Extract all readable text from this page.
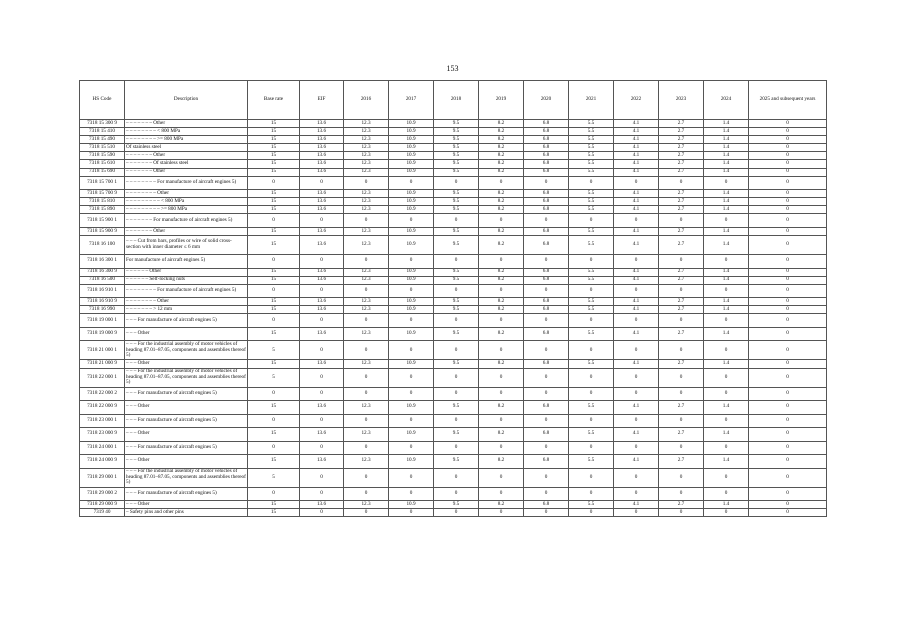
153
HS Code	Description	Base rate	EIF	2016	2017	2018	2019	2020	2021	2022	2023	2024	2025 and subsequent years
7318 15 300 9	– – – – – – – Other	15	13.6	12.3	10.9	9.5	8.2	6.8	5.5	4.1	2.7	1.4	0
7318 15 410	– – – – – – – – < 800 MPa	15	13.6	12.3	10.9	9.5	8.2	6.8	5.5	4.1	2.7	1.4	0
7318 15 490	– – – – – – – – >= 800 MPa	15	13.6	12.3	10.9	9.5	8.2	6.8	5.5	4.1	2.7	1.4	0
7318 15 510	Of stainless steel	15	13.6	12.3	10.9	9.5	8.2	6.8	5.5	4.1	2.7	1.4	0
7318 15 590	– – – – – – – Other	15	13.6	12.3	10.9	9.5	8.2	6.8	5.5	4.1	2.7	1.4	0
7318 15 610	– – – – – – – Of stainless steel	15	13.6	12.3	10.9	9.5	8.2	6.8	5.5	4.1	2.7	1.4	0
7318 15 690	– – – – – – – Other	15	13.6	12.3	10.9	9.5	8.2	6.8	5.5	4.1	2.7	1.4	0
7318 15 700 1	– – – – – – – – For manufacture of aircraft engines 5)	0	0	0	0	0	0	0	0	0	0	0	0
7318 15 700 9	– – – – – – – – Other	15	13.6	12.3	10.9	9.5	8.2	6.8	5.5	4.1	2.7	1.4	0
7318 15 810	– – – – – – – – – < 800 MPa	15	13.6	12.3	10.9	9.5	8.2	6.8	5.5	4.1	2.7	1.4	0
7318 15 890	– – – – – – – – – >= 800 MPa	15	13.6	12.3	10.9	9.5	8.2	6.8	5.5	4.1	2.7	1.4	0
7318 15 900 1	– – – – – – – For manufacture of aircraft engines 5)	0	0	0	0	0	0	0	0	0	0	0	0
7318 15 900 9	– – – – – – – Other	15	13.6	12.3	10.9	9.5	8.2	6.8	5.5	4.1	2.7	1.4	0
7318 16 100	– – – Cut from bars, profiles or wire of solid cross-section with inner diameter ≤ 6 mm	15	13.6	12.3	10.9	9.5	8.2	6.8	5.5	4.1	2.7	1.4	0
7318 16 300 1	For manufacture of aircraft engines 5)	0	0	0	0	0	0	0	0	0	0	0	0
7318 16 300 9	– – – – – – Other	15	13.6	12.3	10.9	9.5	8.2	6.8	5.5	4.1	2.7	1.4	0
7318 16 500	– – – – – – Self-locking nuts	15	13.6	12.3	10.9	9.5	8.2	6.8	5.5	4.1	2.7	1.4	0
7318 16 910 1	– – – – – – – – For manufacture of aircraft engines 5)	0	0	0	0	0	0	0	0	0	0	0	0
7318 16 910 9	– – – – – – – – Other	15	13.6	12.3	10.9	9.5	8.2	6.8	5.5	4.1	2.7	1.4	0
7318 16 990	– – – – – – – > 12 mm	15	13.6	12.3	10.9	9.5	8.2	6.8	5.5	4.1	2.7	1.4	0
7318 19 000 1	– – – For manufacture of aircraft engines 5)	0	0	0	0	0	0	0	0	0	0	0	0
7318 19 000 9	– – – Other	15	13.6	12.3	10.9	9.5	8.2	6.8	5.5	4.1	2.7	1.4	0
7318 21 000 1	– – – For the industrial assembly of motor vehicles of heading 87.01–87.05, components and assemblies thereof 5)	5	0	0	0	0	0	0	0	0	0	0	0
7318 21 000 9	– – – Other	15	13.6	12.3	10.9	9.5	8.2	6.8	5.5	4.1	2.7	1.4	0
7318 22 000 1	– – – For the industrial assembly of motor vehicles of heading 87.01–87.05, components and assemblies thereof 5)	5	0	0	0	0	0	0	0	0	0	0	0
7318 22 000 2	– – – For manufacture of aircraft engines 5)	0	0	0	0	0	0	0	0	0	0	0	0
7318 22 000 9	– – – Other	15	13.6	12.3	10.9	9.5	8.2	6.8	5.5	4.1	2.7	1.4	0
7318 23 000 1	– – – For manufacture of aircraft engines 5)	0	0	0	0	0	0	0	0	0	0	0	0
7318 23 000 9	– – – Other	15	13.6	12.3	10.9	9.5	8.2	6.8	5.5	4.1	2.7	1.4	0
7318 24 000 1	– – – For manufacture of aircraft engines 5)	0	0	0	0	0	0	0	0	0	0	0	0
7318 24 000 9	– – – Other	15	13.6	12.3	10.9	9.5	8.2	6.8	5.5	4.1	2.7	1.4	0
7318 29 000 1	– – – For the industrial assembly of motor vehicles of heading 87.01–87.05, components and assemblies thereof 5)	5	0	0	0	0	0	0	0	0	0	0	0
7318 29 000 2	– – – For manufacture of aircraft engines 5)	0	0	0	0	0	0	0	0	0	0	0	0
7318 29 000 9	– – – Other	15	13.6	12.3	10.9	9.5	8.2	6.8	5.5	4.1	2.7	1.4	0
7319 40	– Safety pins and other pins	15	0	0	0	0	0	0	0	0	0	0	0
